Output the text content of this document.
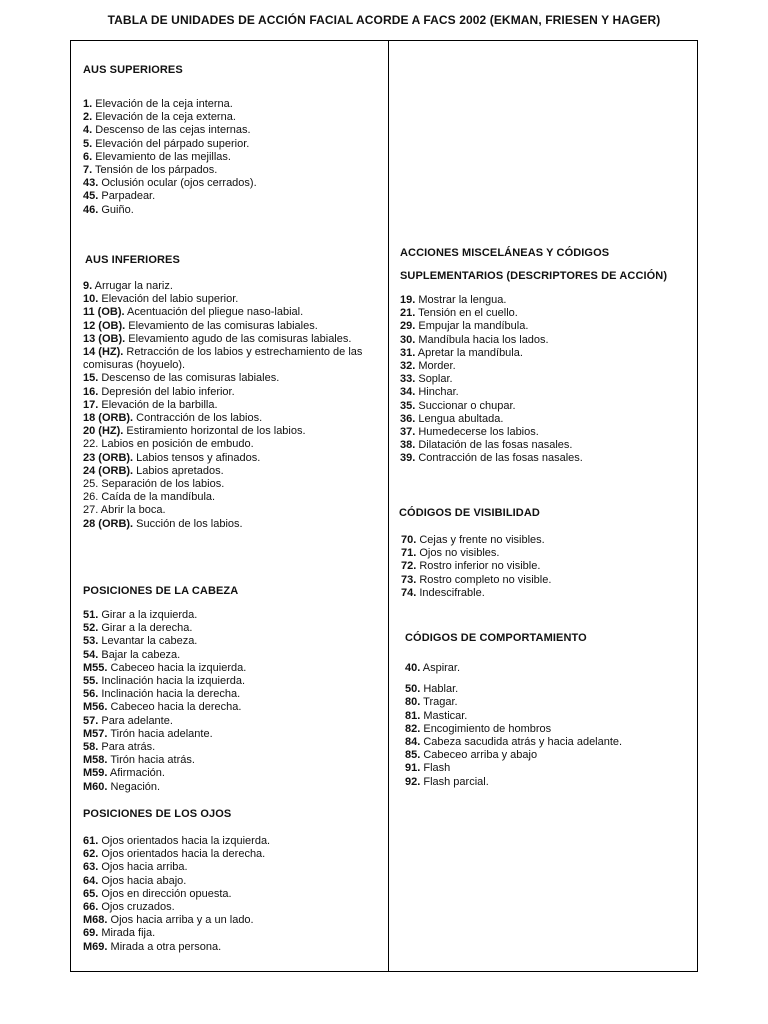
TABLA DE UNIDADES DE ACCIÓN FACIAL ACORDE A FACS 2002 (EKMAN, FRIESEN Y HAGER)

AUS SUPERIORES

1. Elevación de la ceja interna.
2. Elevación de la ceja externa.
4. Descenso de las cejas internas.
5. Elevación del párpado superior.
6. Elevamiento de las mejillas.
7. Tensión de los párpados.
43. Oclusión ocular (ojos cerrados).
45. Parpadear.
46. Guiño.

AUS INFERIORES

9. Arrugar la nariz.
10. Elevación del labio superior.
11 (OB). Acentuación del pliegue naso-labial.
12 (OB). Elevamiento de las comisuras labiales.
13 (OB). Elevamiento agudo de las comisuras labiales.
14 (HZ). Retracción de los labios y estrechamiento de las comisuras (hoyuelo).
15. Descenso de las comisuras labiales.
16. Depresión del labio inferior.
17. Elevación de la barbilla.
18 (ORB). Contracción de los labios.
20 (HZ). Estiramiento horizontal de los labios.
22. Labios en posición de embudo.
23 (ORB). Labios tensos y afinados.
24 (ORB). Labios apretados.
25. Separación de los labios.
26. Caída de la mandíbula.
27. Abrir la boca.
28 (ORB). Succión de los labios.

POSICIONES DE LA CABEZA

51. Girar a la izquierda.
52. Girar a la derecha.
53. Levantar la cabeza.
54. Bajar la cabeza.
M55. Cabeceo hacia la izquierda.
55. Inclinación hacia la izquierda.
56. Inclinación hacia la derecha.
M56. Cabeceo hacia la derecha.
57. Para adelante.
M57. Tirón hacia adelante.
58. Para atrás.
M58. Tirón hacia atrás.
M59. Afirmación.
M60. Negación.

POSICIONES DE LOS OJOS

61. Ojos orientados hacia la izquierda.
62. Ojos orientados hacia la derecha.
63. Ojos hacia arriba.
64. Ojos hacia abajo.
65. Ojos en dirección opuesta.
66. Ojos cruzados.
M68. Ojos hacia arriba y a un lado.
69. Mirada fija.
M69. Mirada a otra persona.

ACCIONES MISCELÁNEAS Y CÓDIGOS

SUPLEMENTARIOS (DESCRIPTORES DE ACCIÓN)

19. Mostrar la lengua.
21. Tensión en el cuello.
29. Empujar la mandíbula.
30. Mandíbula hacia los lados.
31. Apretar la mandíbula.
32. Morder.
33. Soplar.
34. Hinchar.
35. Succionar o chupar.
36. Lengua abultada.
37. Humedecerse los labios.
38. Dilatación de las fosas nasales.
39. Contracción de las fosas nasales.

CÓDIGOS DE VISIBILIDAD

70. Cejas y frente no visibles.
71. Ojos no visibles.
72. Rostro inferior no visible.
73. Rostro completo no visible.
74. Indescifrable.

CÓDIGOS DE COMPORTAMIENTO

40. Aspirar.
50. Hablar.
80. Tragar.
81. Masticar.
82. Encogimiento de hombros
84. Cabeza sacudida atrás y hacia adelante.
85. Cabeceo arriba y abajo
91. Flash
92. Flash parcial.
